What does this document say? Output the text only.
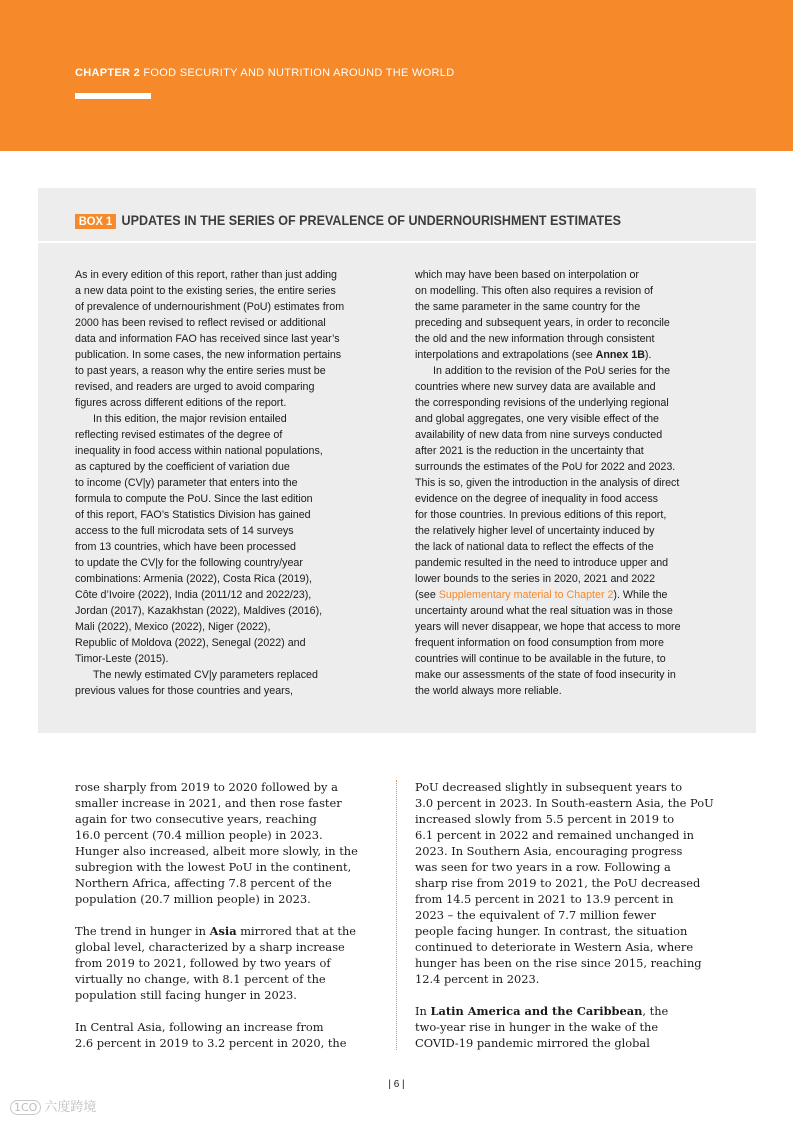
CHAPTER 2 FOOD SECURITY AND NUTRITION AROUND THE WORLD
BOX 1 UPDATES IN THE SERIES OF PREVALENCE OF UNDERNOURISHMENT ESTIMATES
As in every edition of this report, rather than just adding
a new data point to the existing series, the entire series
of prevalence of undernourishment (PoU) estimates from
2000 has been revised to reflect revised or additional
data and information FAO has received since last year’s
publication. In some cases, the new information pertains
to past years, a reason why the entire series must be
revised, and readers are urged to avoid comparing
figures across different editions of the report.
In this edition, the major revision entailed
reflecting revised estimates of the degree of
inequality in food access within national populations,
as captured by the coefficient of variation due
to income (CV|y) parameter that enters into the
formula to compute the PoU. Since the last edition
of this report, FAO’s Statistics Division has gained
access to the full microdata sets of 14 surveys
from 13 countries, which have been processed
to update the CV|y for the following country/year
combinations: Armenia (2022), Costa Rica (2019),
Côte d’Ivoire (2022), India (2011/12 and 2022/23),
Jordan (2017), Kazakhstan (2022), Maldives (2016),
Mali (2022), Mexico (2022), Niger (2022),
Republic of Moldova (2022), Senegal (2022) and
Timor-Leste (2015).
The newly estimated CV|y parameters replaced
previous values for those countries and years,
which may have been based on interpolation or
on modelling. This often also requires a revision of
the same parameter in the same country for the
preceding and subsequent years, in order to reconcile
the old and the new information through consistent
interpolations and extrapolations (see Annex 1B).
In addition to the revision of the PoU series for the
countries where new survey data are available and
the corresponding revisions of the underlying regional
and global aggregates, one very visible effect of the
availability of new data from nine surveys conducted
after 2021 is the reduction in the uncertainty that
surrounds the estimates of the PoU for 2022 and 2023.
This is so, given the introduction in the analysis of direct
evidence on the degree of inequality in food access
for those countries. In previous editions of this report,
the relatively higher level of uncertainty induced by
the lack of national data to reflect the effects of the
pandemic resulted in the need to introduce upper and
lower bounds to the series in 2020, 2021 and 2022
(see Supplementary material to Chapter 2). While the
uncertainty around what the real situation was in those
years will never disappear, we hope that access to more
frequent information on food consumption from more
countries will continue to be available in the future, to
make our assessments of the state of food insecurity in
the world always more reliable.
rose sharply from 2019 to 2020 followed by a
smaller increase in 2021, and then rose faster
again for two consecutive years, reaching
16.0 percent (70.4 million people) in 2023.
Hunger also increased, albeit more slowly, in the
subregion with the lowest PoU in the continent,
Northern Africa, affecting 7.8 percent of the
population (20.7 million people) in 2023.
The trend in hunger in Asia mirrored that at the
global level, characterized by a sharp increase
from 2019 to 2021, followed by two years of
virtually no change, with 8.1 percent of the
population still facing hunger in 2023.
In Central Asia, following an increase from
2.6 percent in 2019 to 3.2 percent in 2020, the
PoU decreased slightly in subsequent years to
3.0 percent in 2023. In South-eastern Asia, the PoU
increased slowly from 5.5 percent in 2019 to
6.1 percent in 2022 and remained unchanged in
2023. In Southern Asia, encouraging progress
was seen for two years in a row. Following a
sharp rise from 2019 to 2021, the PoU decreased
from 14.5 percent in 2021 to 13.9 percent in
2023 – the equivalent of 7.7 million fewer
people facing hunger. In contrast, the situation
continued to deteriorate in Western Asia, where
hunger has been on the rise since 2015, reaching
12.4 percent in 2023.
In Latin America and the Caribbean, the
two-year rise in hunger in the wake of the
COVID-19 pandemic mirrored the global
| 6 |
1CO 六度跨境
